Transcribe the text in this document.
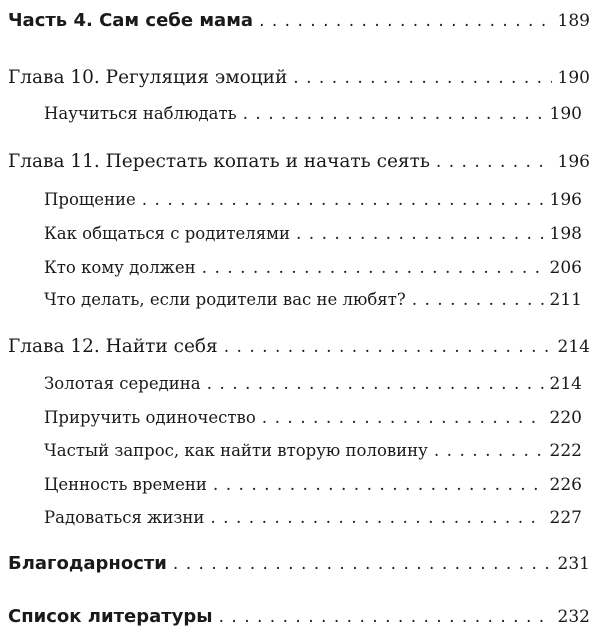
Часть 4. Сам себе мама . . .	189
Глава 10. Регуляция эмоций . . .	190
Научиться наблюдать . . .	190
Глава 11. Перестать копать и начать сеять . . .	196
Прощение . . .	196
Как общаться с родителями . . .	198
Кто кому должен . . .	206
Что делать, если родители вас не любят? . . .	211
Глава 12. Найти себя . . .	214
Золотая середина . . .	214
Приручить одиночество . . .	220
Частый запрос, как найти вторую половину . . .	222
Ценность времени . . .	226
Радоваться жизни . . .	227
Благодарности . . .	231
Список литературы . . .	232
